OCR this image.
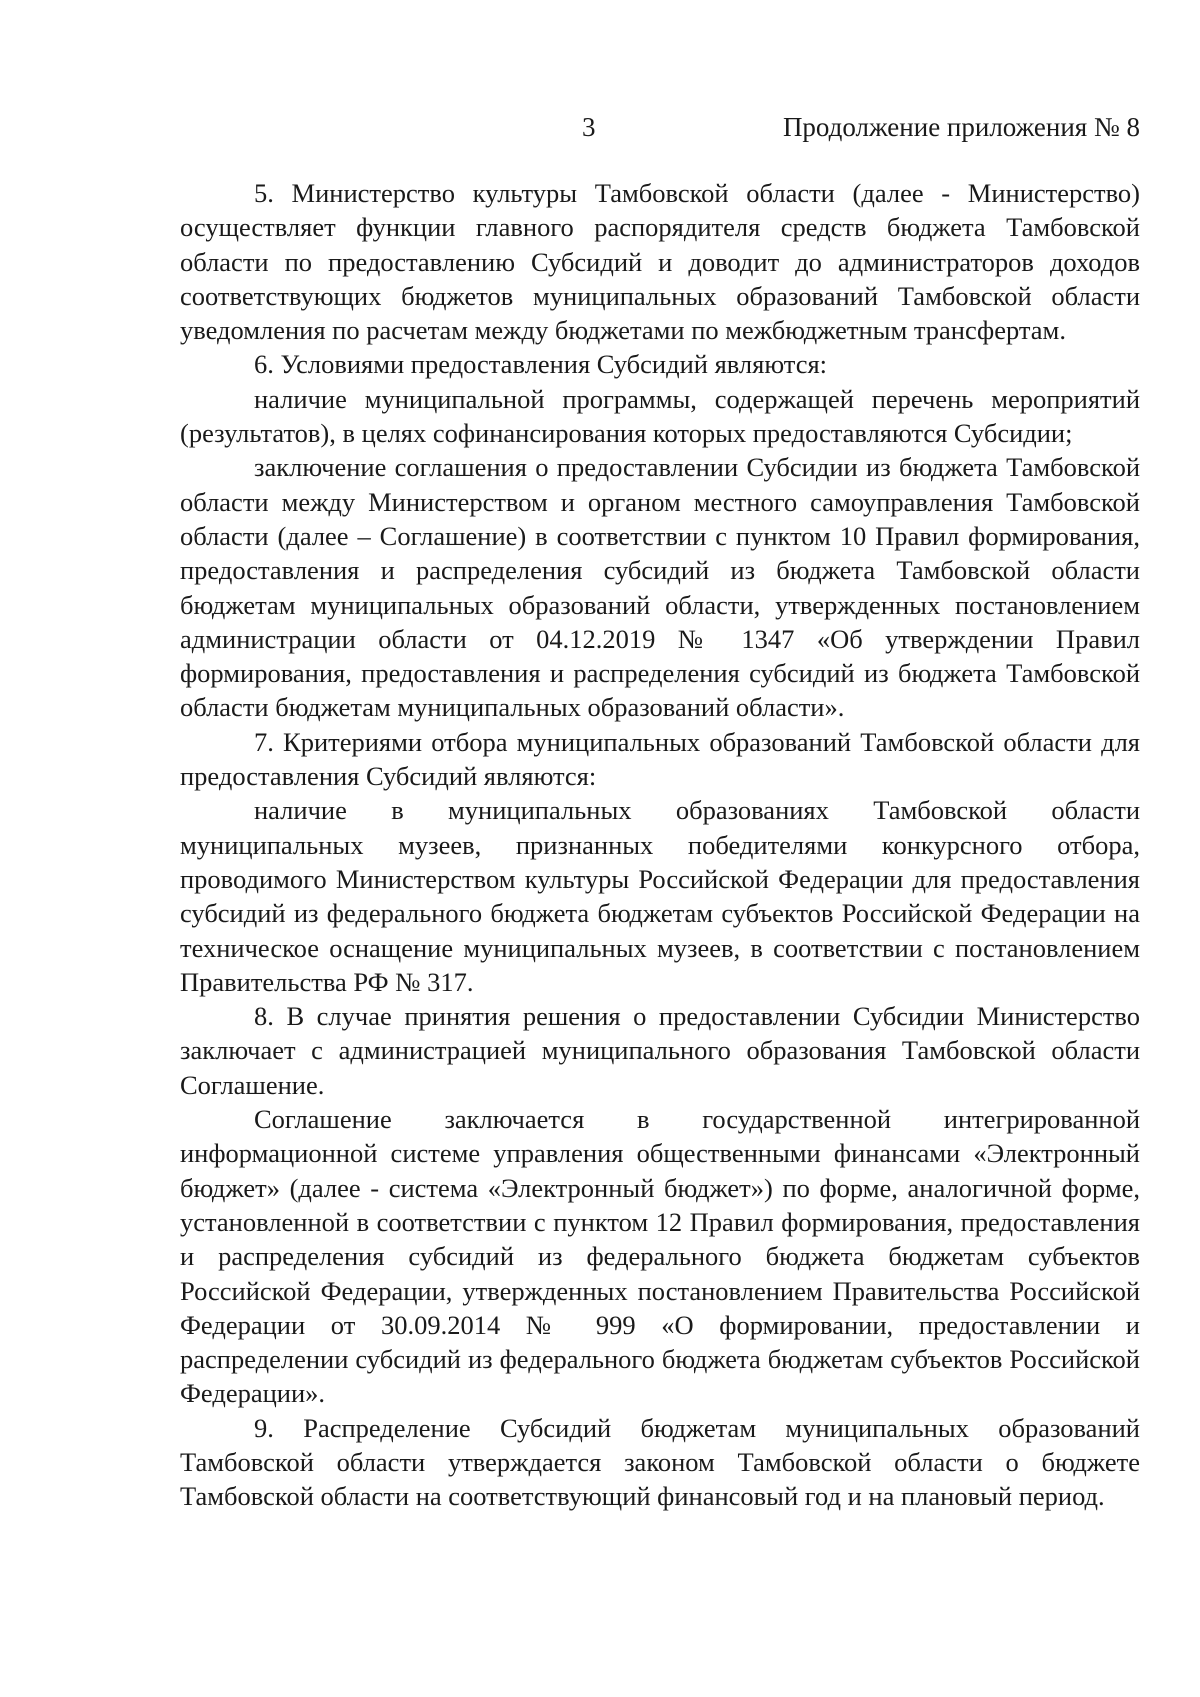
3	Продолжение приложения № 8

5. Министерство культуры Тамбовской области (далее - Министерство) осуществляет функции главного распорядителя средств бюджета Тамбовской области по предоставлению Субсидий и доводит до администраторов доходов соответствующих бюджетов муниципальных образований Тамбовской области уведомления по расчетам между бюджетами по межбюджетным трансфертам.

6. Условиями предоставления Субсидий являются:

наличие муниципальной программы, содержащей перечень мероприятий (результатов), в целях софинансирования которых предоставляются Субсидии;

заключение соглашения о предоставлении Субсидии из бюджета Тамбовской области между Министерством и органом местного самоуправления Тамбовской области (далее – Соглашение) в соответствии с пунктом 10 Правил формирования, предоставления и распределения субсидий из бюджета Тамбовской области бюджетам муниципальных образований области, утвержденных постановлением администрации области от 04.12.2019 № 1347 «Об утверждении Правил формирования, предоставления и распределения субсидий из бюджета Тамбовской области бюджетам муниципальных образований области».

7. Критериями отбора муниципальных образований Тамбовской области для предоставления Субсидий являются:

наличие в муниципальных образованиях Тамбовской области муниципальных музеев, признанных победителями конкурсного отбора, проводимого Министерством культуры Российской Федерации для предоставления субсидий из федерального бюджета бюджетам субъектов Российской Федерации на техническое оснащение муниципальных музеев, в соответствии с постановлением Правительства РФ № 317.

8. В случае принятия решения о предоставлении Субсидии Министерство заключает с администрацией муниципального образования Тамбовской области Соглашение.

Соглашение заключается в государственной интегрированной информационной системе управления общественными финансами «Электронный бюджет» (далее - система «Электронный бюджет») по форме, аналогичной форме, установленной в соответствии с пунктом 12 Правил формирования, предоставления и распределения субсидий из федерального бюджета бюджетам субъектов Российской Федерации, утвержденных постановлением Правительства Российской Федерации от 30.09.2014 № 999 «О формировании, предоставлении и распределении субсидий из федерального бюджета бюджетам субъектов Российской Федерации».

9. Распределение Субсидий бюджетам муниципальных образований Тамбовской области утверждается законом Тамбовской области о бюджете Тамбовской области на соответствующий финансовый год и на плановый период.
